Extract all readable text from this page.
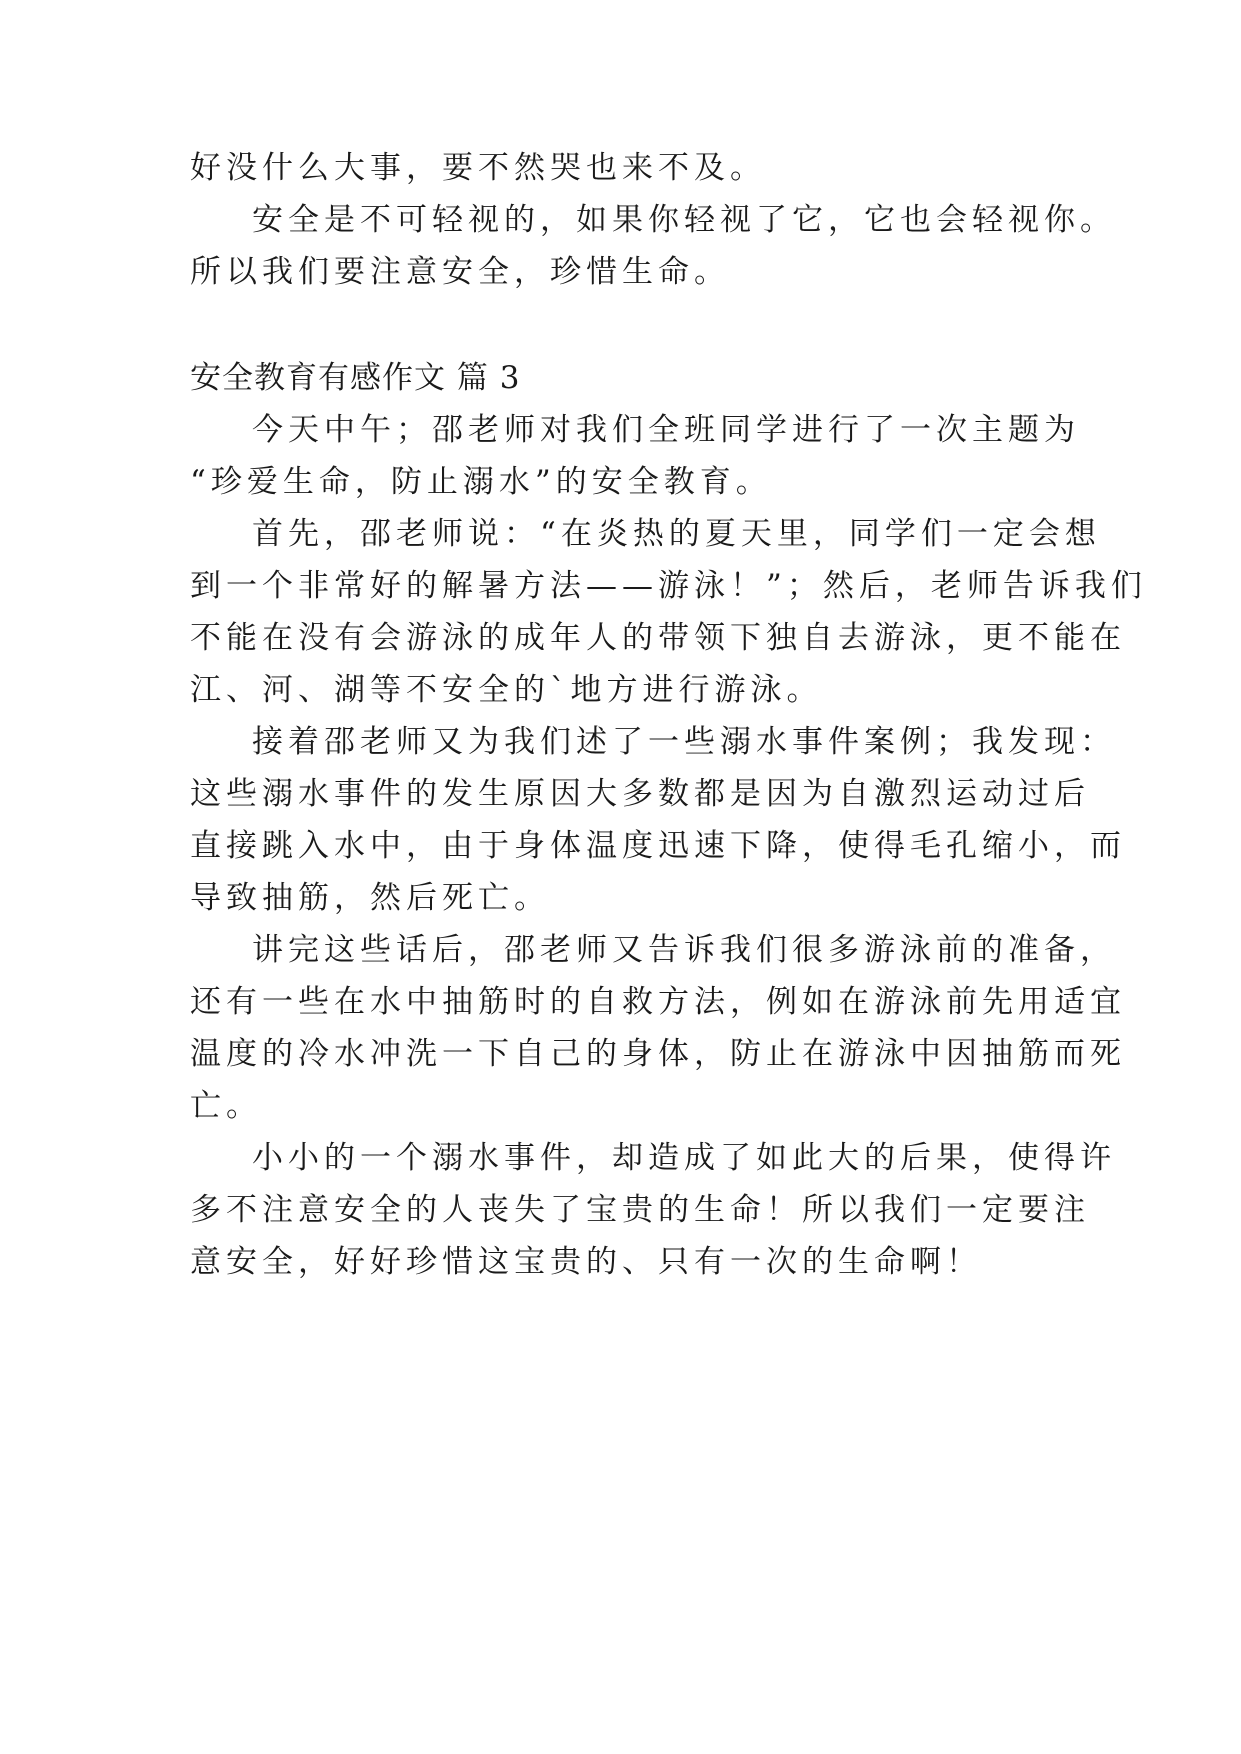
好没什么大事，要不然哭也来不及。
安全是不可轻视的，如果你轻视了它，它也会轻视你。
所以我们要注意安全，珍惜生命。
安全教育有感作文 篇 3
今天中午；邵老师对我们全班同学进行了一次主题为
“珍爱生命，防止溺水”的安全教育。
首先，邵老师说：“在炎热的夏天里，同学们一定会想
到一个非常好的解暑方法——游泳！”；然后，老师告诉我们
不能在没有会游泳的成年人的带领下独自去游泳，更不能在
江、河、湖等不安全的`地方进行游泳。
接着邵老师又为我们述了一些溺水事件案例；我发现：
这些溺水事件的发生原因大多数都是因为自激烈运动过后
直接跳入水中，由于身体温度迅速下降，使得毛孔缩小，而
导致抽筋，然后死亡。
讲完这些话后，邵老师又告诉我们很多游泳前的准备，
还有一些在水中抽筋时的自救方法，例如在游泳前先用适宜
温度的冷水冲洗一下自己的身体，防止在游泳中因抽筋而死
亡。
小小的一个溺水事件，却造成了如此大的后果，使得许
多不注意安全的人丧失了宝贵的生命！所以我们一定要注
意安全，好好珍惜这宝贵的、只有一次的生命啊！
